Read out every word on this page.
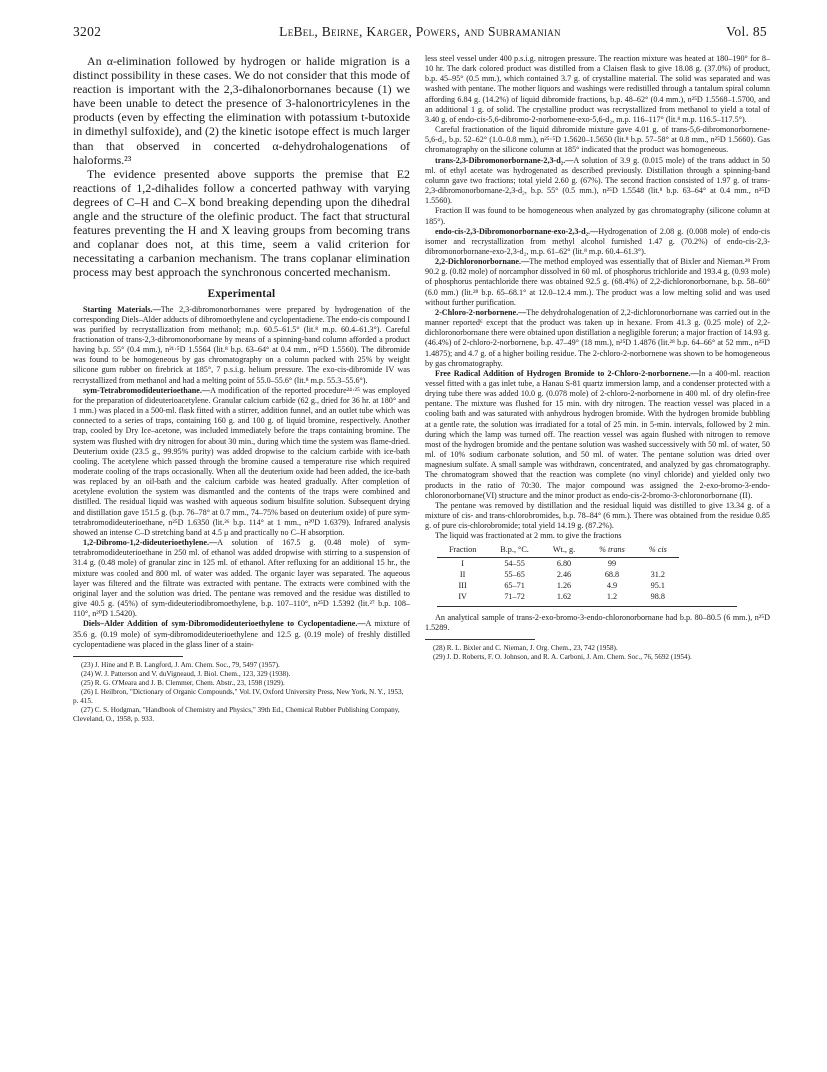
3202	LeBel, Beirne, Karger, Powers, and Subramanian	Vol. 85

An α-elimination followed by hydrogen or halide migration is a distinct possibility in these cases. We do not consider that this mode of reaction is important with the 2,3-dihalonorbornanes because (1) we have been unable to detect the presence of 3-halonortricylenes in the products (even by effecting the elimination with potassium t-butoxide in dimethyl sulfoxide), and (2) the kinetic isotope effect is much larger than that observed in concerted α-dehydrohalogenations of haloforms.²³

The evidence presented above supports the premise that E2 reactions of 1,2-dihalides follow a concerted pathway with varying degrees of C–H and C–X bond breaking depending upon the dihedral angle and the structure of the olefinic product. The fact that structural features preventing the H and X leaving groups from becoming trans and coplanar does not, at this time, seem a valid criterion for necessitating a carbanion mechanism. The trans coplanar elimination process may best approach the synchronous concerted mechanism.

Experimental

Starting Materials.—The 2,3-dibromonorbornanes were prepared by hydrogenation of the corresponding Diels–Alder adducts of dibromoethylene and cyclopentadiene. The endo-cis compound I was purified by recrystallization from methanol; m.p. 60.5–61.5° (lit.⁸ m.p. 60.4–61.3°). Careful fractionation of trans-2,3-dibromonorbornane by means of a spinning-band column afforded a product having b.p. 55° (0.4 mm.), n²¹·⁵D 1.5564 (lit.⁸ b.p. 63–64° at 0.4 mm., n²⁵D 1.5560). The dibromide was found to be homogeneous by gas chromatography on a column packed with 25% by weight silicone gum rubber on firebrick at 185°, 7 p.s.i.g. helium pressure. The exo-cis-dibromide IV was recrystallized from methanol and had a melting point of 55.0–55.6° (lit.⁸ m.p. 55.3–55.6°).

sym-Tetrabromodideuterioethane.—A modification of the reported procedure²⁴·²⁵ was employed for the preparation of dideuterioacetylene. Granular calcium carbide (62 g., dried for 36 hr. at 180° and 1 mm.) was placed in a 500-ml. flask fitted with a stirrer, addition funnel, and an outlet tube which was connected to a series of traps, containing 160 g. and 100 g. of liquid bromine, respectively. Another trap, cooled by Dry Ice–acetone, was included immediately before the traps containing bromine. The system was flushed with dry nitrogen for about 30 min., during which time the system was flame-dried. Deuterium oxide (23.5 g., 99.95% purity) was added dropwise to the calcium carbide with ice-bath cooling. The acetylene which passed through the bromine caused a temperature rise which required moderate cooling of the traps occasionally. When all the deuterium oxide had been added, the ice-bath was replaced by an oil-bath and the calcium carbide was heated gradually. After completion of acetylene evolution the system was dismantled and the contents of the traps were combined and distilled. The residual liquid was washed with aqueous sodium bisulfite solution. Subsequent drying and distillation gave 151.5 g. (b.p. 76–78° at 0.7 mm., 74–75% based on deuterium oxide) of pure sym-tetrabromodideuterioethane, n²⁵D 1.6350 (lit.²⁶ b.p. 114° at 1 mm., n²⁰D 1.6379). Infrared analysis showed an intense C–D stretching band at 4.5 μ and practically no C–H absorption.

1,2-Dibromo-1,2-dideuterioethylene.—A solution of 167.5 g. (0.48 mole) of sym-tetrabromodideuterioethane in 250 ml. of ethanol was added dropwise with stirring to a suspension of 31.4 g. (0.48 mole) of granular zinc in 125 ml. of ethanol. After refluxing for an additional 15 hr., the mixture was cooled and 800 ml. of water was added. The organic layer was separated. The aqueous layer was filtered and the filtrate was extracted with pentane. The extracts were combined with the original layer and the solution was dried. The pentane was removed and the residue was distilled to give 40.5 g. (45%) of sym-dideuteriodibromoethylene, b.p. 107–110°, n²⁵D 1.5392 (lit.²⁷ b.p. 108–110°, n²⁰D 1.5420).

Diels–Alder Addition of sym-Dibromodideuterioethylene to Cyclopentadiene.—A mixture of 35.6 g. (0.19 mole) of sym-dibromodideuterioethylene and 12.5 g. (0.19 mole) of freshly distilled cyclopentadiene was placed in the glass liner of a stain-

(23) J. Hine and P. B. Langford, J. Am. Chem. Soc., 79, 5497 (1957).

(24) W. J. Patterson and V. duVigneaud, J. Biol. Chem., 123, 329 (1938).

(25) R. G. O'Meara and J. B. Clemmer, Chem. Abstr., 23, 1598 (1929).

(26) I. Heilbron, "Dictionary of Organic Compounds," Vol. IV, Oxford University Press, New York, N. Y., 1953, p. 415.

(27) C. S. Hodgman, "Handbook of Chemistry and Physics," 39th Ed., Chemical Rubber Publishing Company, Cleveland, O., 1958, p. 933.

less steel vessel under 400 p.s.i.g. nitrogen pressure. The reaction mixture was heated at 180–190° for 8–10 hr. The dark colored product was distilled from a Claisen flask to give 18.08 g. (37.0%) of product, b.p. 45–95° (0.5 mm.), which contained 3.7 g. of crystalline material. The solid was separated and was washed with pentane. The mother liquors and washings were redistilled through a tantalum spiral column affording 6.84 g. (14.2%) of liquid dibromide fractions, b.p. 48–62° (0.4 mm.), n²⁵D 1.5568–1.5700, and an additional 1 g. of solid. The crystalline product was recrystallized from methanol to yield a total of 3.40 g. of endo-cis-5,6-dibromo-2-norbornene-exo-5,6-d₂, m.p. 116–117° (lit.⁸ m.p. 116.5–117.5°).

Careful fractionation of the liquid dibromide mixture gave 4.01 g. of trans-5,6-dibromonorbornene-5,6-d₂, b.p. 52–62° (1.0–0.8 mm.), n²⁵·⁵D 1.5620–1.5650 (lit.⁸ b.p. 57–58° at 0.8 mm., n²⁵D 1.5660). Gas chromatography on the silicone column at 185° indicated that the product was homogeneous.

trans-2,3-Dibromonorbornane-2,3-d₂.—A solution of 3.9 g. (0.015 mole) of the trans adduct in 50 ml. of ethyl acetate was hydrogenated as described previously. Distillation through a spinning-band column gave two fractions; total yield 2.60 g. (67%). The second fraction consisted of 1.97 g. of trans-2,3-dibromonorbornane-2,3-d₂, b.p. 55° (0.5 mm.), n²⁵D 1.5548 (lit.⁸ b.p. 63–64° at 0.4 mm., n²⁵D 1.5560).

Fraction II was found to be homogeneous when analyzed by gas chromatography (silicone column at 185°).

endo-cis-2,3-Dibromonorbornane-exo-2,3-d₂.—Hydrogenation of 2.08 g. (0.008 mole) of endo-cis isomer and recrystallization from methyl alcohol furnished 1.47 g. (70.2%) of endo-cis-2,3-dibromonorbornane-exo-2,3-d₂, m.p. 61–62° (lit.⁸ m.p. 60.4–61.3°).

2,2-Dichloronorbornane.—The method employed was essentially that of Bixler and Nieman.²⁸ From 90.2 g. (0.82 mole) of norcamphor dissolved in 60 ml. of phosphorus trichloride and 193.4 g. (0.93 mole) of phosphorus pentachloride there was obtained 92.5 g. (68.4%) of 2,2-dichloronorbornane, b.p. 58–60° (6.0 mm.) (lit.²⁸ b.p. 65–68.1° at 12.0–12.4 mm.). The product was a low melting solid and was used without further purification.

2-Chloro-2-norbornene.—The dehydrohalogenation of 2,2-dichloronorbornane was carried out in the manner reported⁶ except that the product was taken up in hexane. From 41.3 g. (0.25 mole) of 2,2-dichloronorbornane there were obtained upon distillation a negligible forerun; a major fraction of 14.93 g. (46.4%) of 2-chloro-2-norbornene, b.p. 47–49° (18 mm.), n²⁵D 1.4876 (lit.²⁸ b.p. 64–66° at 52 mm., n²⁵D 1.4875); and 4.7 g. of a higher boiling residue. The 2-chloro-2-norbornene was shown to be homogeneous by gas chromatography.

Free Radical Addition of Hydrogen Bromide to 2-Chloro-2-norbornene.—In a 400-ml. reaction vessel fitted with a gas inlet tube, a Hanau S-81 quartz immersion lamp, and a condenser protected with a drying tube there was added 10.0 g. (0.078 mole) of 2-chloro-2-norbornene in 400 ml. of dry olefin-free pentane. The mixture was flushed for 15 min. with dry nitrogen. The reaction vessel was placed in a cooling bath and was saturated with anhydrous hydrogen bromide. With the hydrogen bromide bubbling at a gentle rate, the solution was irradiated for a total of 25 min. in 5-min. intervals, followed by 2 min. during which the lamp was turned off. The reaction vessel was again flushed with nitrogen to remove most of the hydrogen bromide and the pentane solution was washed successively with 50 ml. of water, 50 ml. of 10% sodium carbonate solution, and 50 ml. of water. The pentane solution was dried over magnesium sulfate. A small sample was withdrawn, concentrated, and analyzed by gas chromatography. The chromatogram showed that the reaction was complete (no vinyl chloride) and yielded only two products in the ratio of 70:30. The major compound was assigned the 2-exo-bromo-3-endo-chloronorbornane(VI) structure and the minor product as endo-cis-2-bromo-3-chloronorbornane (II).

The pentane was removed by distillation and the residual liquid was distilled to give 13.34 g. of a mixture of cis- and trans-chlorobromides, b.p. 78–84° (6 mm.). There was obtained from the residue 0.85 g. of pure cis-chlorobromide; total yield 14.19 g. (87.2%).

The liquid was fractionated at 2 mm. to give the fractions

Fraction	B.p., °C.	Wt., g.	% trans	% cis
I	54–55	6.80	99	
II	55–65	2.46	68.8	31.2
III	65–71	1.26	4.9	95.1
IV	71–72	1.62	1.2	98.8

An analytical sample of trans-2-exo-bromo-3-endo-chloronorbornane had b.p. 80–80.5 (6 mm.), n²⁵D 1.5289.

(28) R. L. Bixler and C. Nieman, J. Org. Chem., 23, 742 (1958).

(29) J. D. Roberts, F. O. Johnson, and R. A. Carboni, J. Am. Chem. Soc., 76, 5692 (1954).
